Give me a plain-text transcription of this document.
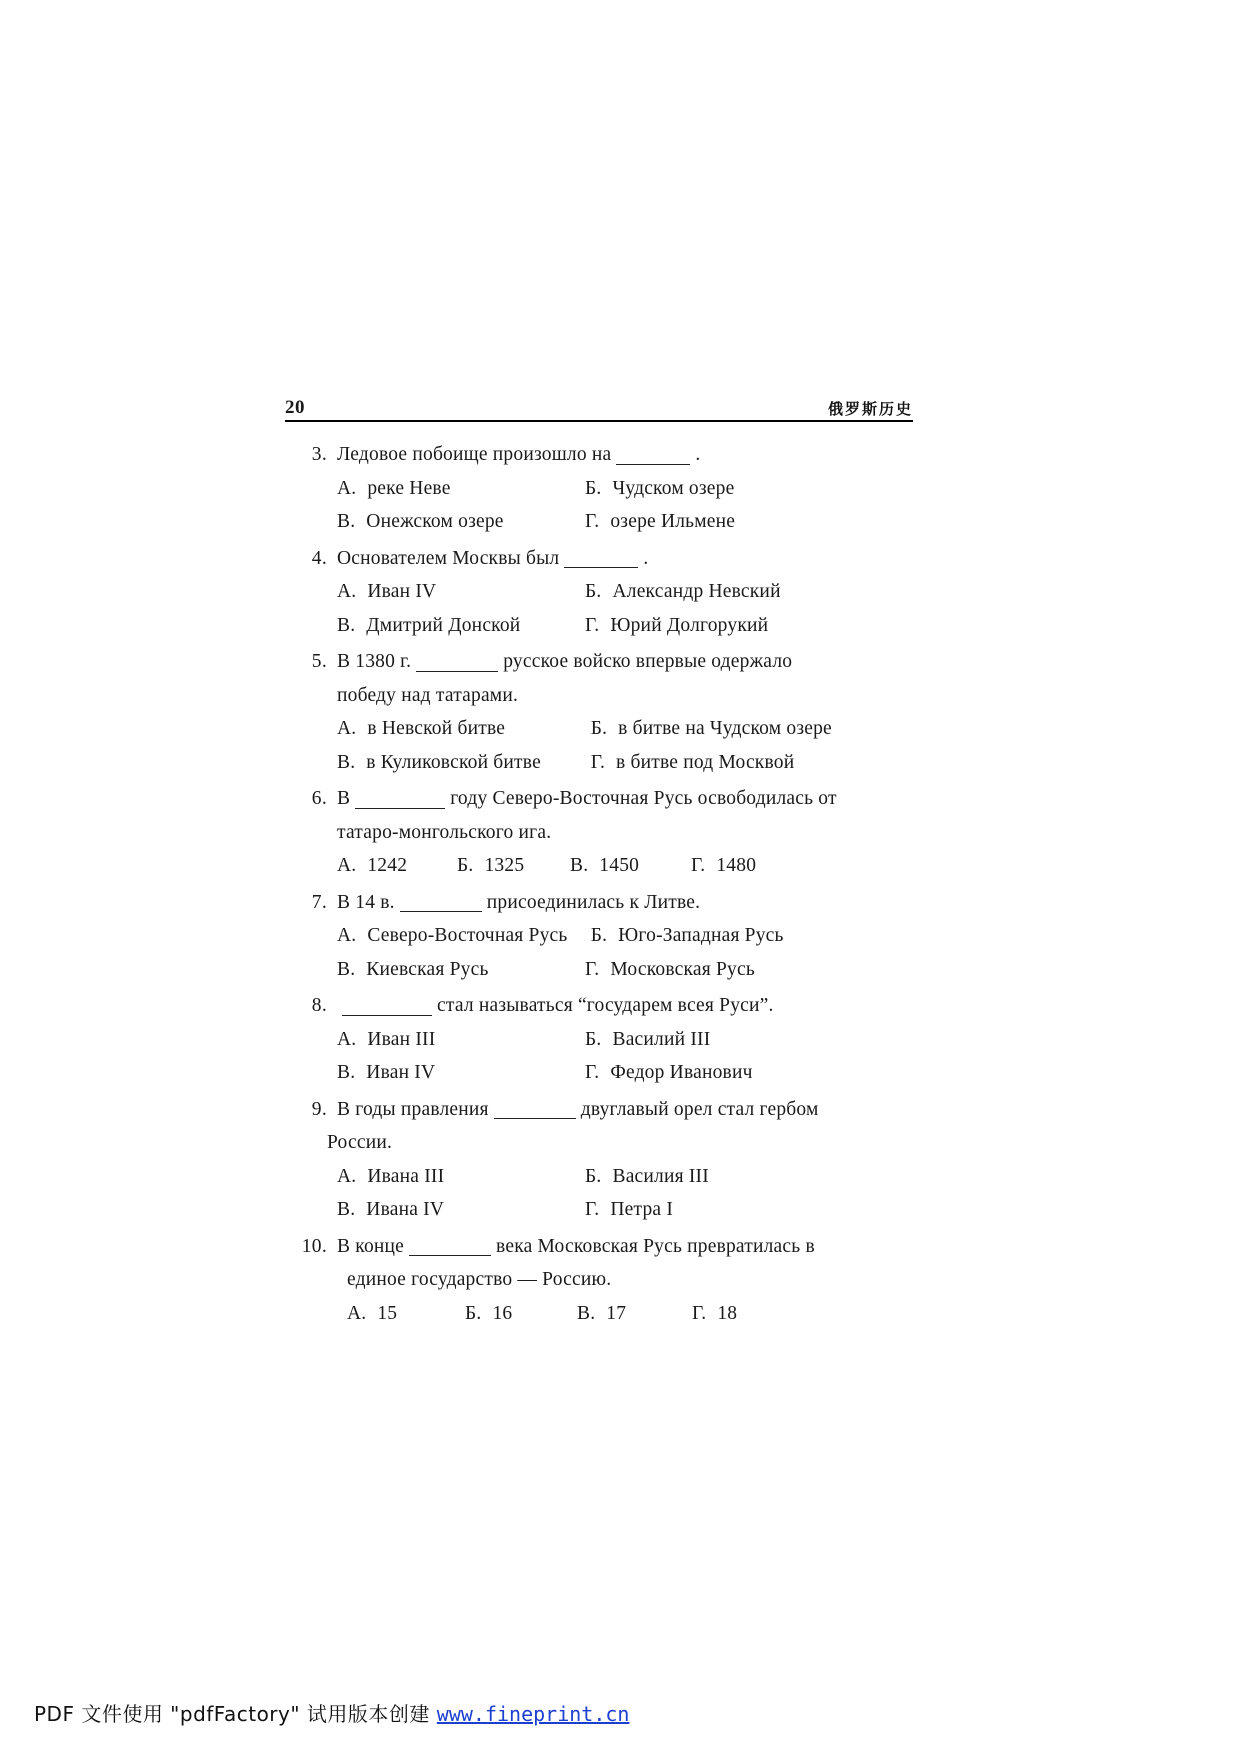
20	俄罗斯历史
3. Ледовое побоище произошло на	.
А. реке Неве	Б. Чудском озере
В. Онежском озере	Г. озере Ильмене
4. Основателем Москвы был	.
А. Иван IV	Б. Александр Невский
В. Дмитрий Донской	Г. Юрий Долгорукий
5. В 1380 г.	русское войско впервые одержало
победу над татарами.
А. в Невской битве	Б. в битве на Чудском озере
В. в Куликовской битве	Г. в битве под Москвой
6. В	году Северо-Восточная Русь освободилась от
татаро-монгольского ига.
А. 1242	Б. 1325 В. 1450	Г. 1480
7. В 14 в.	присоединилась к Литве.
А. Северо-Восточная Русь Б. Юго-Западная Русь
В. Киевская Русь	Г. Московская Русь
8.	стал называться “государем всея Руси”.
А. Иван III	Б. Василий III
В. Иван IV	Г. Федор Иванович
9. В годы правления	двуглавый орел стал гербом
России.
А. Ивана III	Б. Василия III
В. Ивана IV	Г. Петра I
10. В конце	века Московская Русь превратилась в
единое государство — Россию.
А. 15	Б. 16	В. 17	Г. 18
PDF 文件使用 "pdfFactory" 试用版本创建 www.fineprint.cn
